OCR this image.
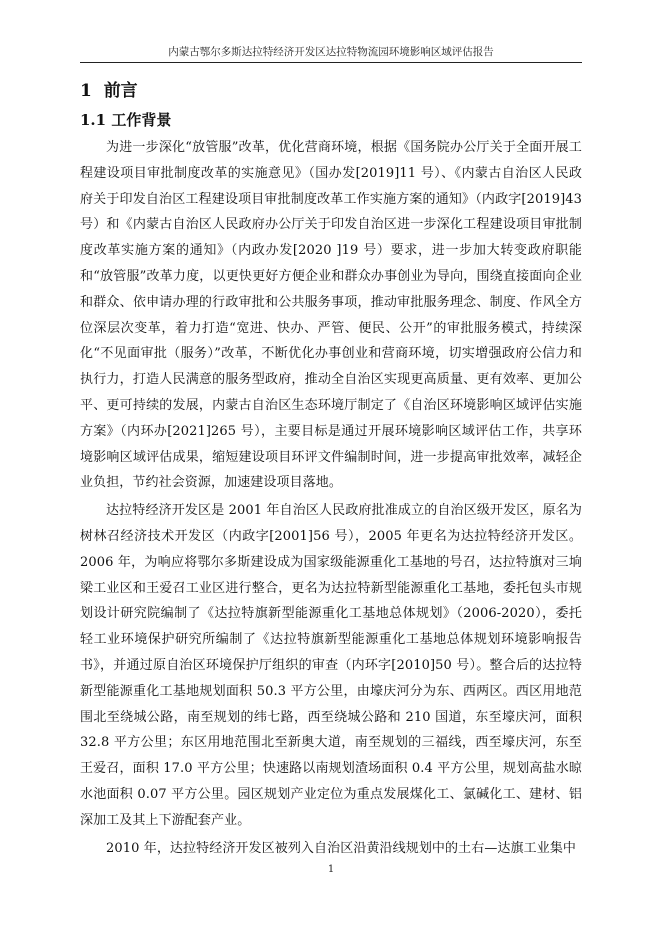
内蒙古鄂尔多斯达拉特经济开发区达拉特物流园环境影响区域评估报告
1 前言
1.1 工作背景

为进一步深化“放管服”改革，优化营商环境，根据《国务院办公厅关于全面开展工程建设项目审批制度改革的实施意见》（国办发[2019]11 号）、《内蒙古自治区人民政府关于印发自治区工程建设项目审批制度改革工作实施方案的通知》（内政字[2019]43 号）和《内蒙古自治区人民政府办公厅关于印发自治区进一步深化工程建设项目审批制度改革实施方案的通知》（内政办发[2020 ]19 号）要求，进一步加大转变政府职能和“放管服”改革力度，以更快更好方便企业和群众办事创业为导向，围绕直接面向企业和群众、依申请办理的行政审批和公共服务事项，推动审批服务理念、制度、作风全方位深层次变革，着力打造“宽进、快办、严管、便民、公开”的审批服务模式，持续深化“不见面审批（服务）”改革，不断优化办事创业和营商环境，切实增强政府公信力和执行力，打造人民满意的服务型政府，推动全自治区实现更高质量、更有效率、更加公平、更可持续的发展，内蒙古自治区生态环境厅制定了《自治区环境影响区域评估实施方案》（内环办[2021]265 号），主要目标是通过开展环境影响区域评估工作，共享环境影响区域评估成果，缩短建设项目环评文件编制时间，进一步提高审批效率，减轻企业负担，节约社会资源，加速建设项目落地。

达拉特经济开发区是 2001 年自治区人民政府批准成立的自治区级开发区，原名为树林召经济技术开发区（内政字[2001]56 号），2005 年更名为达拉特经济开发区。2006 年，为响应将鄂尔多斯建设成为国家级能源重化工基地的号召，达拉特旗对三垧梁工业区和王爱召工业区进行整合，更名为达拉特新型能源重化工基地，委托包头市规划设计研究院编制了《达拉特旗新型能源重化工基地总体规划》（2006-2020），委托轻工业环境保护研究所编制了《达拉特旗新型能源重化工基地总体规划环境影响报告书》，并通过原自治区环境保护厅组织的审查（内环字[2010]50 号）。整合后的达拉特新型能源重化工基地规划面积 50.3 平方公里，由壕庆河分为东、西两区。西区用地范围北至绕城公路，南至规划的纬七路，西至绕城公路和 210 国道，东至壕庆河，面积 32.8 平方公里；东区用地范围北至新奥大道，南至规划的三福线，西至壕庆河，东至王爱召，面积 17.0 平方公里；快速路以南规划渣场面积 0.4 平方公里，规划高盐水晾水池面积 0.07 平方公里。园区规划产业定位为重点发展煤化工、氯碱化工、建材、铝深加工及其上下游配套产业。

2010 年，达拉特经济开发区被列入自治区沿黄沿线规划中的土右—达旗工业集中

1
